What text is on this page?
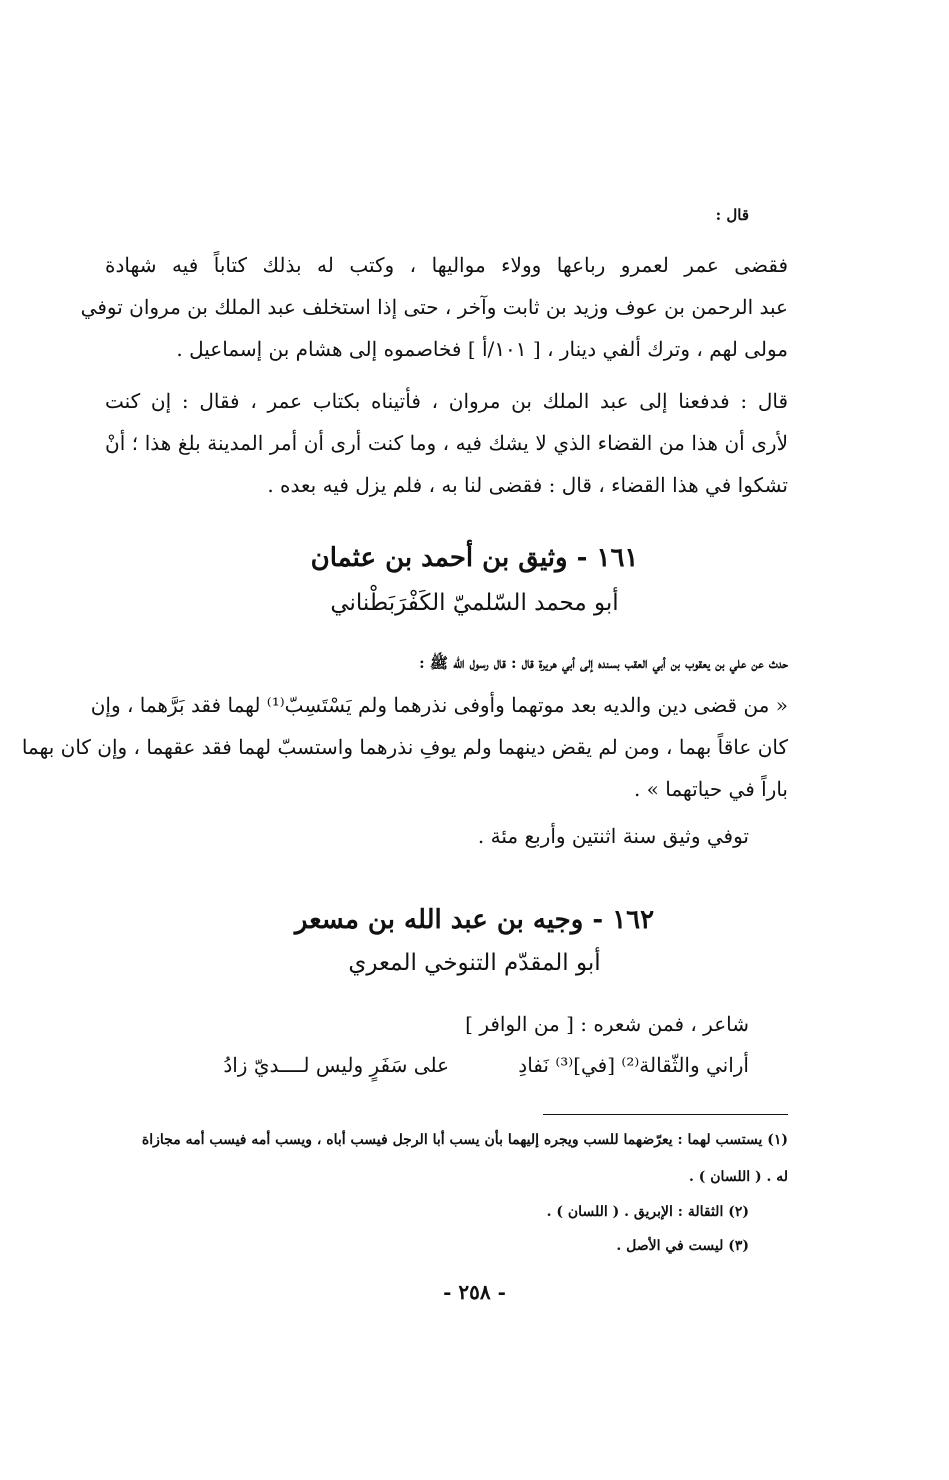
قال :
فقضى عمر لعمرو رباعها وولاء مواليها ، وكتب له بذلك كتاباً فيه شهادة
عبد الرحمن بن عوف وزيد بن ثابت وآخر ، حتى إذا استخلف عبد الملك بن مروان توفي
مولى لهم ، وترك ألفي دينار ، [ ١٠١/أ ] فخاصموه إلى هشام بن إسماعيل .
قال : فدفعنا إلى عبد الملك بن مروان ، فأتيناه بكتاب عمر ، فقال : إن كنت
لأرى أن هذا من القضاء الذي لا يشك فيه ، وما كنت أرى أن أمر المدينة بلغ هذا ؛ أنْ
تشكوا في هذا القضاء ، قال : فقضى لنا به ، فلم يزل فيه بعده .
١٦١ - وثيق بن أحمد بن عثمان
أبو محمد السّلميّ الكَفْرَبَطْناني
حدث عن علي بن يعقوب بن أبي العقب بسنده إلى أبي هريرة قال : قال رسول الله ﷺ :
« من قضى دين والديه بعد موتهما وأوفى نذرهما ولم يَسْتَسِبّ⁽¹⁾ لهما فقد بَرَّهما ، وإن
كان عاقاً بهما ، ومن لم يقض دينهما ولم يوفِ نذرهما واستسبّ لهما فقد عقهما ، وإن كان بهما
باراً في حياتهما » .
توفي وثيق سنة اثنتين وأربع مئة .
١٦٢ - وجيه بن عبد الله بن مسعر
أبو المقدّم التنوخي المعري
شاعر ، فمن شعره : [ من الوافر ]
أراني والثّقالة⁽²⁾ [في]⁽³⁾ نَفادِ
على سَفَرٍ وليس لــــديّ زادُ
(١) يستسب لهما : يعرّضهما للسب ويجره إليهما بأن يسب أبا الرجل فيسب أباه ، ويسب أمه فيسب أمه مجازاة
له . ( اللسان ) .
(٢) الثقالة : الإبريق . ( اللسان ) .
(٣) ليست في الأصل .
- ٢٥٨ -
